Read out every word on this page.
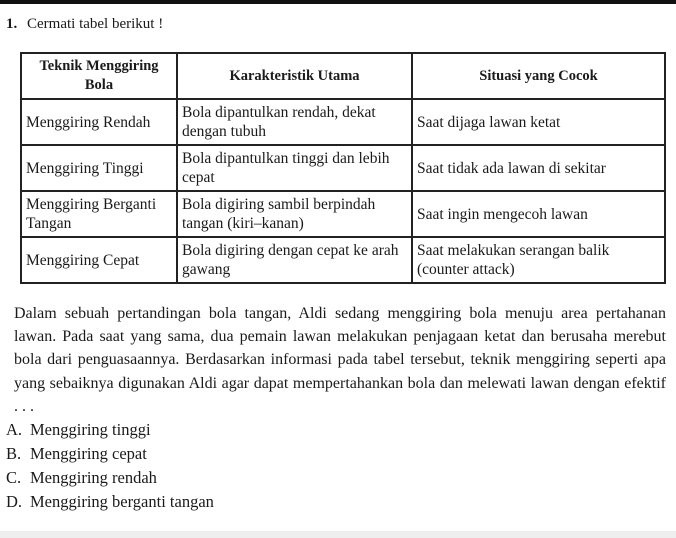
1. Cermati tabel berikut !
Teknik Menggiring Bola	Karakteristik Utama	Situasi yang Cocok
Menggiring Rendah	Bola dipantulkan rendah, dekat dengan tubuh	Saat dijaga lawan ketat
Menggiring Tinggi	Bola dipantulkan tinggi dan lebih cepat	Saat tidak ada lawan di sekitar
Menggiring Berganti Tangan	Bola digiring sambil berpindah tangan (kiri–kanan)	Saat ingin mengecoh lawan
Menggiring Cepat	Bola digiring dengan cepat ke arah gawang	Saat melakukan serangan balik (counter attack)
Dalam sebuah pertandingan bola tangan, Aldi sedang menggiring bola menuju area pertahanan lawan. Pada saat yang sama, dua pemain lawan melakukan penjagaan ketat dan berusaha merebut bola dari penguasaannya. Berdasarkan informasi pada tabel tersebut, teknik menggiring seperti apa yang sebaiknya digunakan Aldi agar dapat mempertahankan bola dan melewati lawan dengan efektif . . .
A. Menggiring tinggi
B. Menggiring cepat
C. Menggiring rendah
D. Menggiring berganti tangan
